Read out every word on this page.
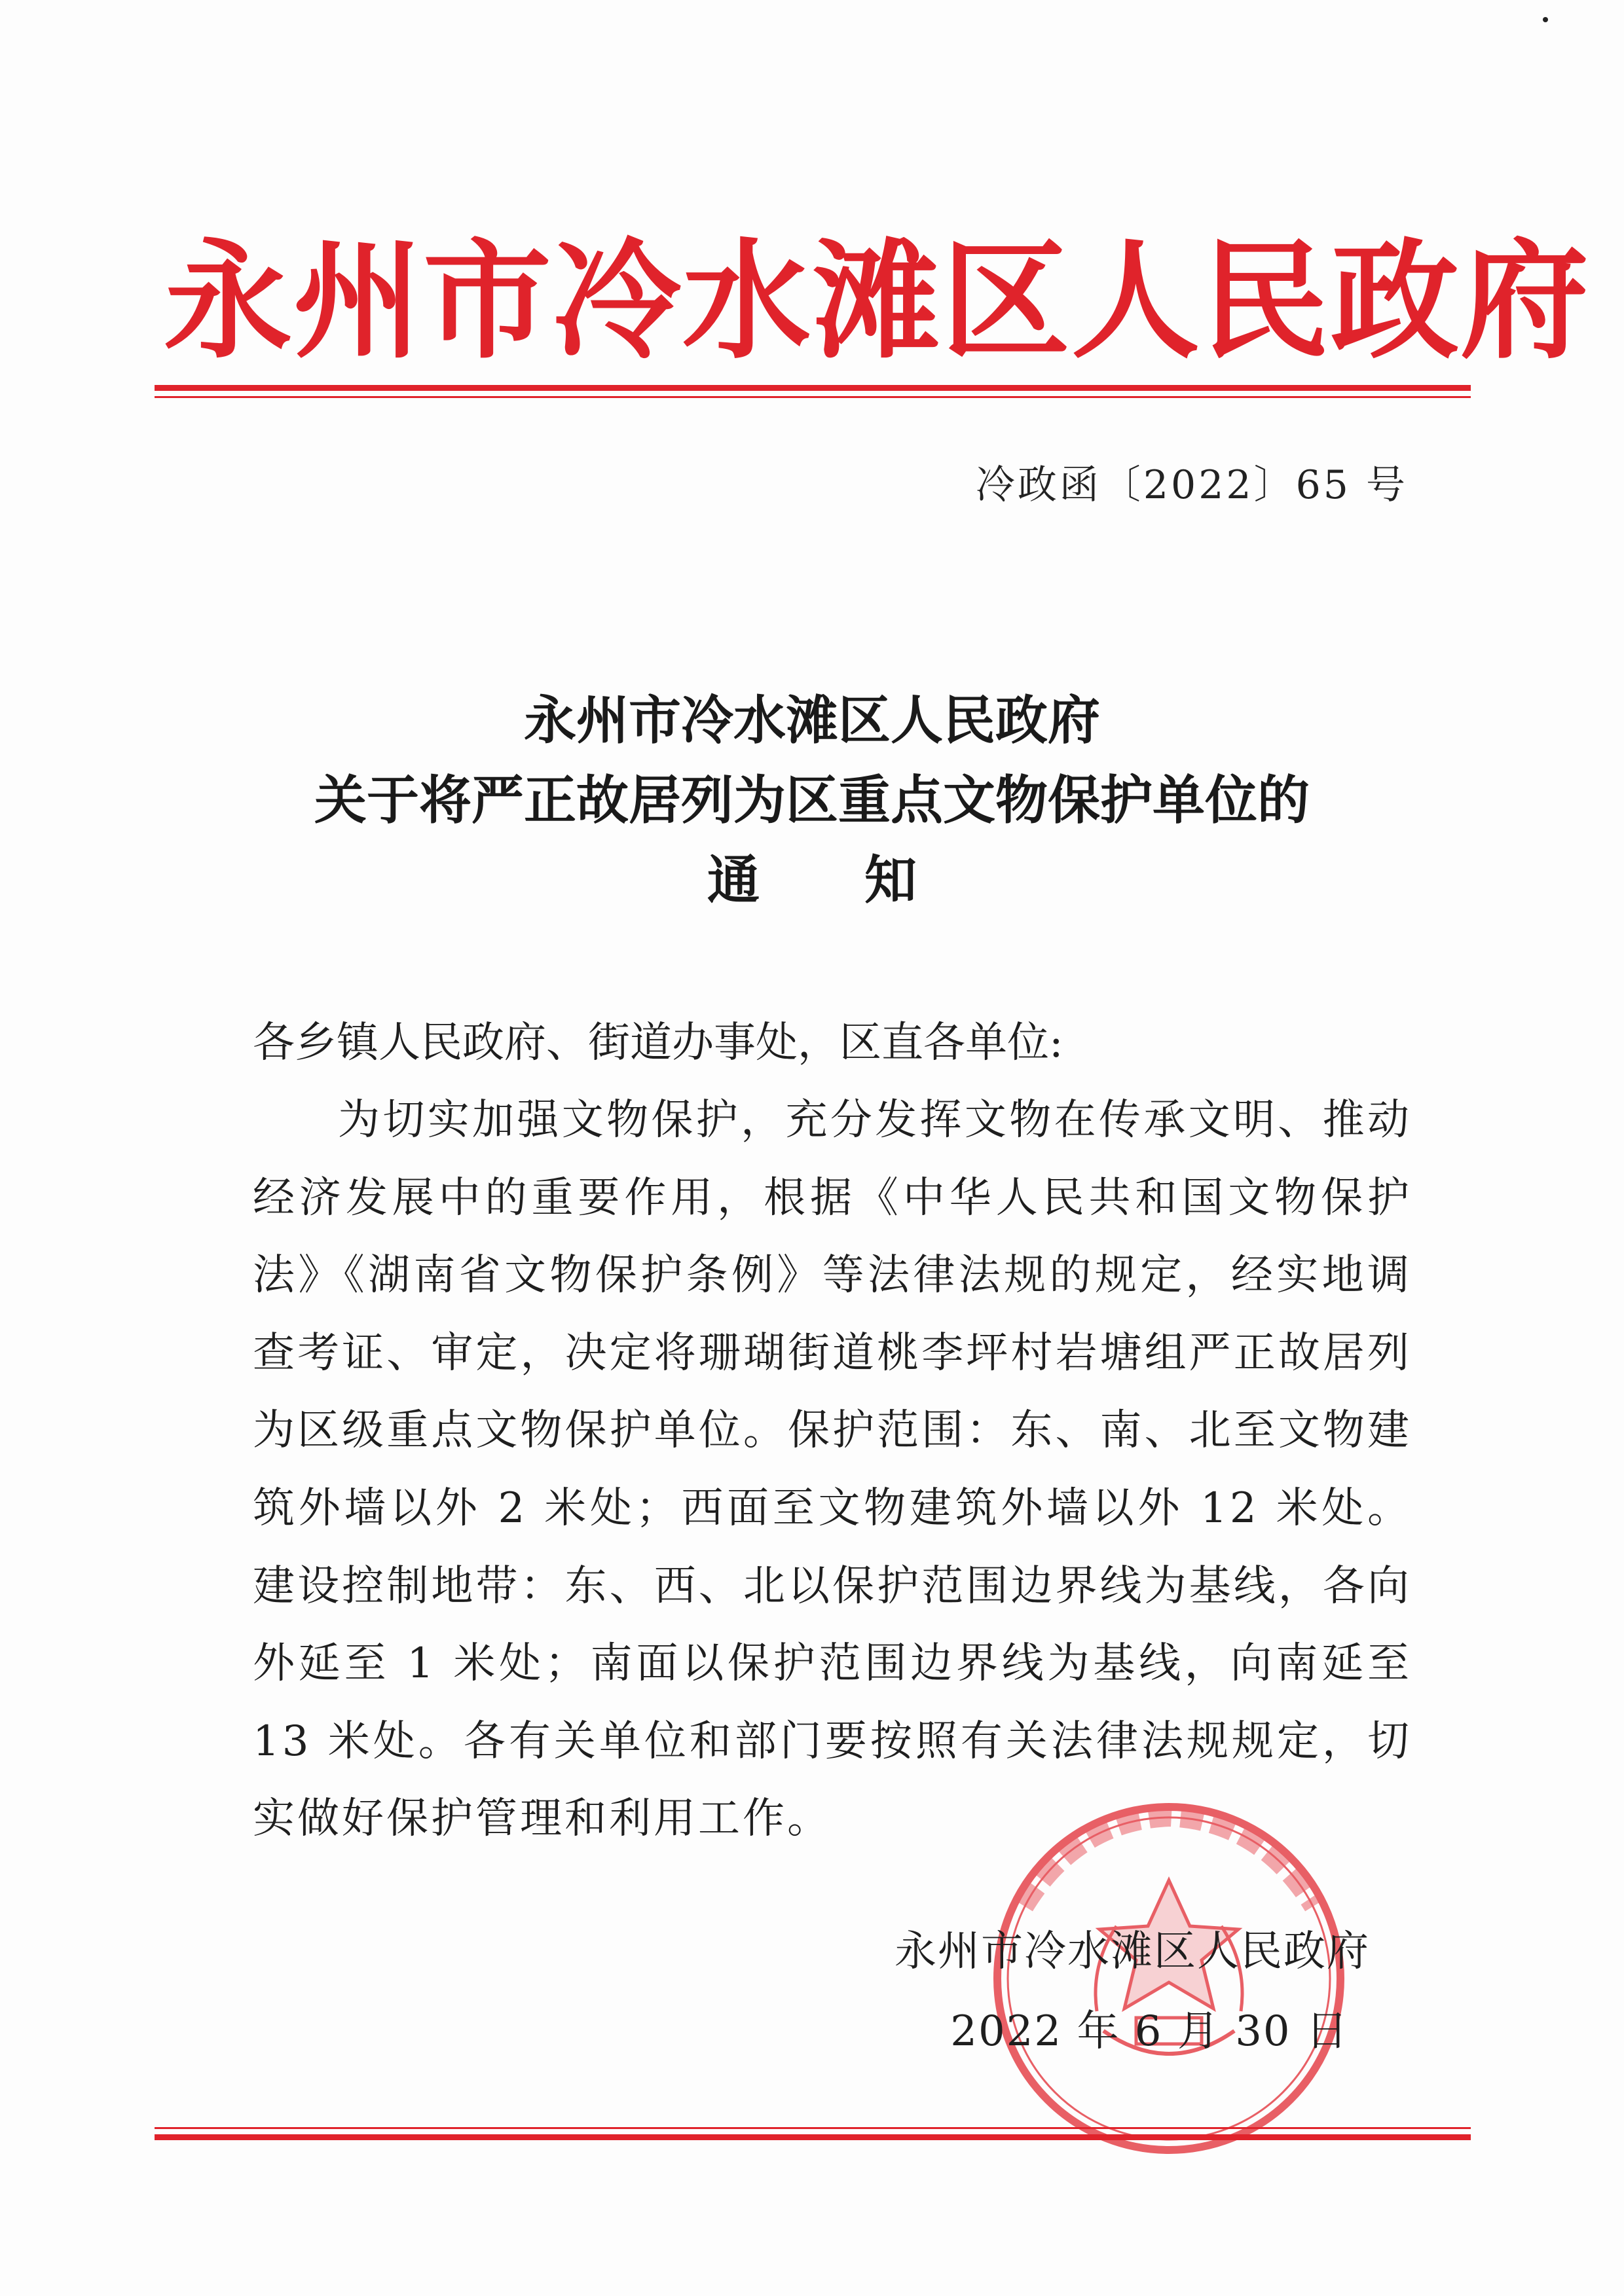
永州市冷水滩区人民政府
冷政函〔2022〕65 号
永州市冷水滩区人民政府
关于将严正故居列为区重点文物保护单位的
通知
各乡镇人民政府、街道办事处，区直各单位:
为切实加强文物保护，充分发挥文物在传承文明、推动经济发展中的重要作用，根据《中华人民共和国文物保护法》《湖南省文物保护条例》等法律法规的规定，经实地调查考证、审定，决定将珊瑚街道桃李坪村岩塘组严正故居列为区级重点文物保护单位。保护范围：东、南、北至文物建筑外墙以外 2 米处；西面至文物建筑外墙以外 12 米处。建设控制地带：东、西、北以保护范围边界线为基线，各向外延至 1 米处；南面以保护范围边界线为基线，向南延至 13 米处。各有关单位和部门要按照有关法律法规规定，切实做好保护管理和利用工作。
永州市冷水滩区人民政府
2022 年 6 月 30 日
